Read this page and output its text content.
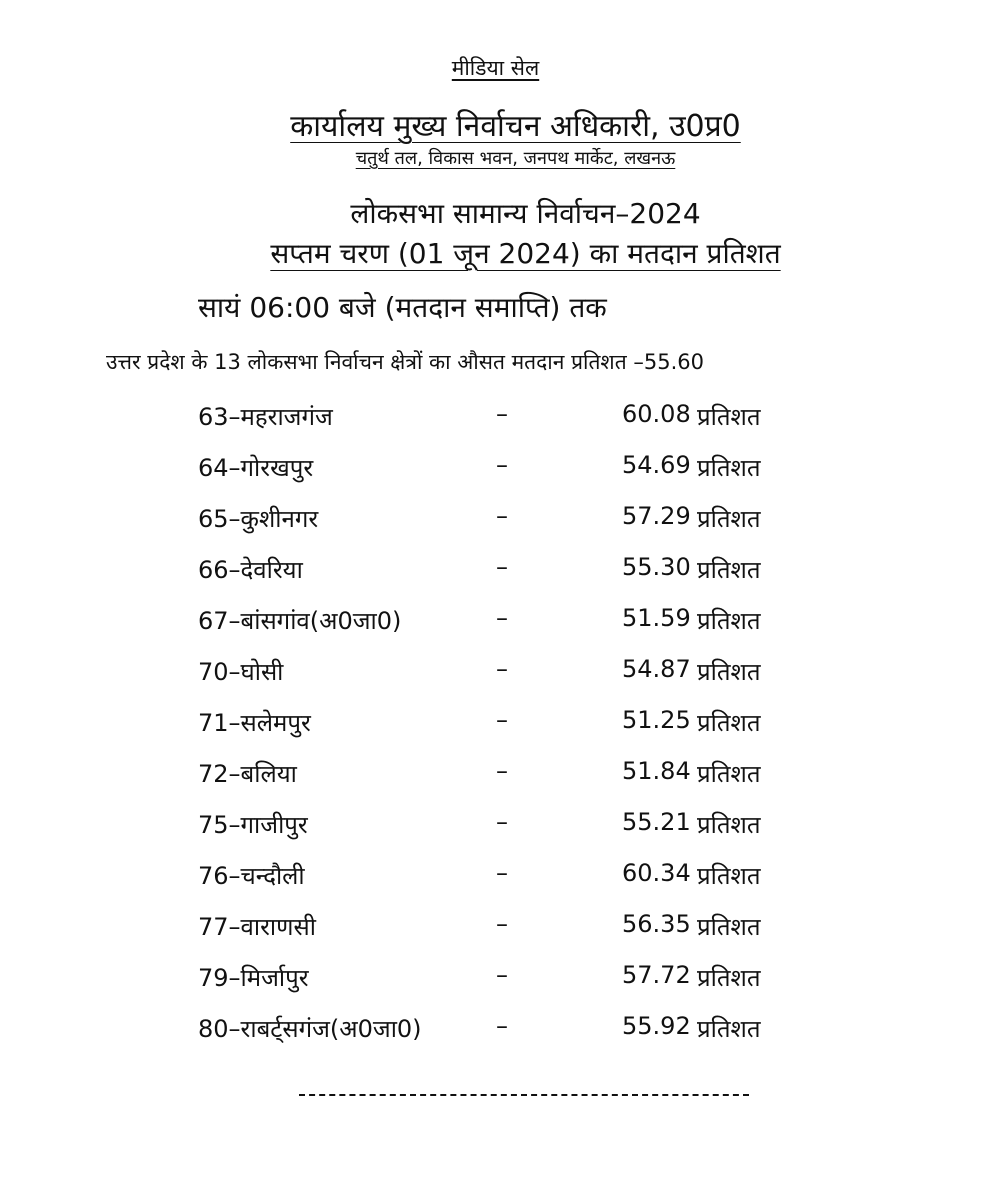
मीडिया सेल
कार्यालय मुख्य निर्वाचन अधिकारी, उ0प्र0
चतुर्थ तल, विकास भवन, जनपथ मार्केट, लखनऊ
लोकसभा सामान्य निर्वाचन–2024
सप्तम चरण (01 जून 2024) का मतदान प्रतिशत
सायं 06:00 बजे (मतदान समाप्ति) तक
उत्तर प्रदेश के 13 लोकसभा निर्वाचन क्षेत्रों का औसत मतदान प्रतिशत –55.60
63–महराजगंज	–	60.08 प्रतिशत
64–गोरखपुर	–	54.69 प्रतिशत
65–कुशीनगर	–	57.29 प्रतिशत
66–देवरिया	–	55.30 प्रतिशत
67–बांसगांव(अ0जा0)	–	51.59 प्रतिशत
70–घोसी	–	54.87 प्रतिशत
71–सलेमपुर	–	51.25 प्रतिशत
72–बलिया	–	51.84 प्रतिशत
75–गाजीपुर	–	55.21 प्रतिशत
76–चन्दौली	–	60.34 प्रतिशत
77–वाराणसी	–	56.35 प्रतिशत
79–मिर्जापुर	–	57.72 प्रतिशत
80–राबर्ट्सगंज(अ0जा0)	–	55.92 प्रतिशत
